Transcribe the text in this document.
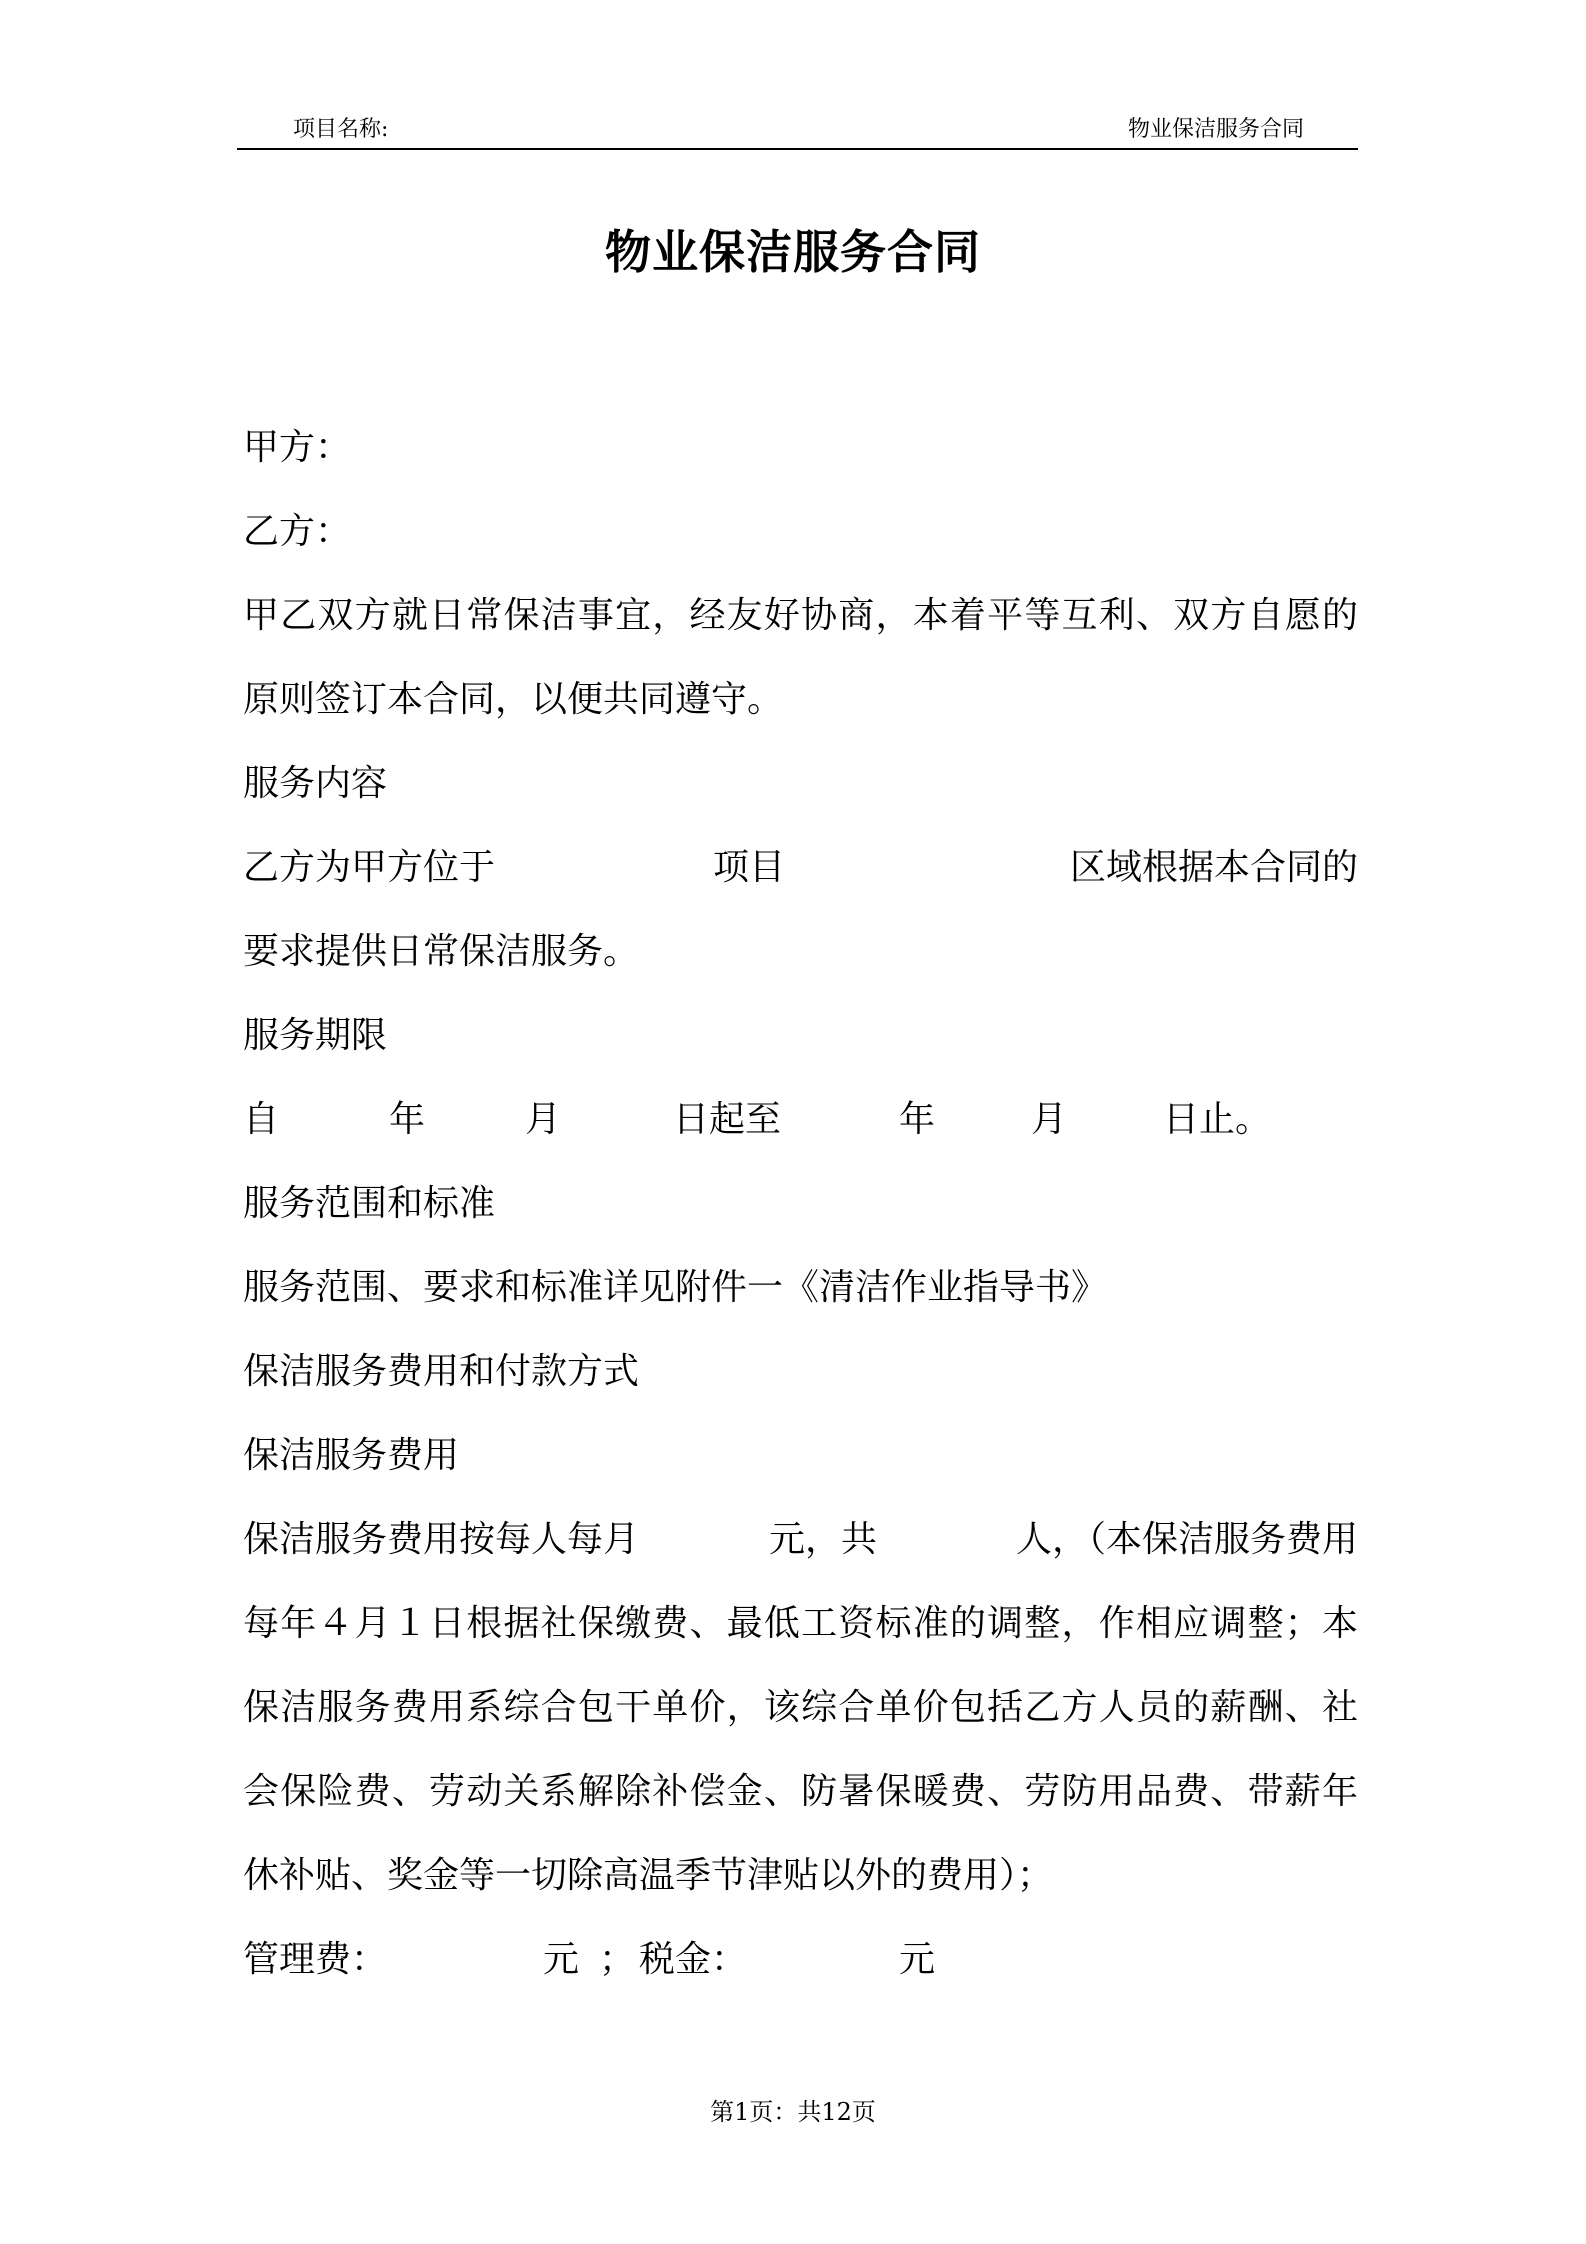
项目名称:	物业保洁服务合同
物业保洁服务合同
甲方：
乙方：
甲乙双方就日常保洁事宜，经友好协商，本着平等互利、双方自愿的原则签订本合同，以便共同遵守。
服务内容
乙方为甲方位于	项目	区域根据本合同的
要求提供日常保洁服务。
服务期限
自	年	月	日起至	年	月	日止。
服务范围和标准
服务范围、要求和标准详见附件一《清洁作业指导书》
保洁服务费用和付款方式
保洁服务费用
保洁服务费用按每人每月	元，共	人，（本保洁服务费用
每年４月１日根据社保缴费、最低工资标准的调整，作相应调整；本保洁服务费用系综合包干单价，该综合单价包括乙方人员的薪酬、社会保险费、劳动关系解除补偿金、防暑保暖费、劳防用品费、带薪年休补贴、奖金等一切除高温季节津贴以外的费用）；
管理费：	元 ； 税金：	元
第1页：共12页
